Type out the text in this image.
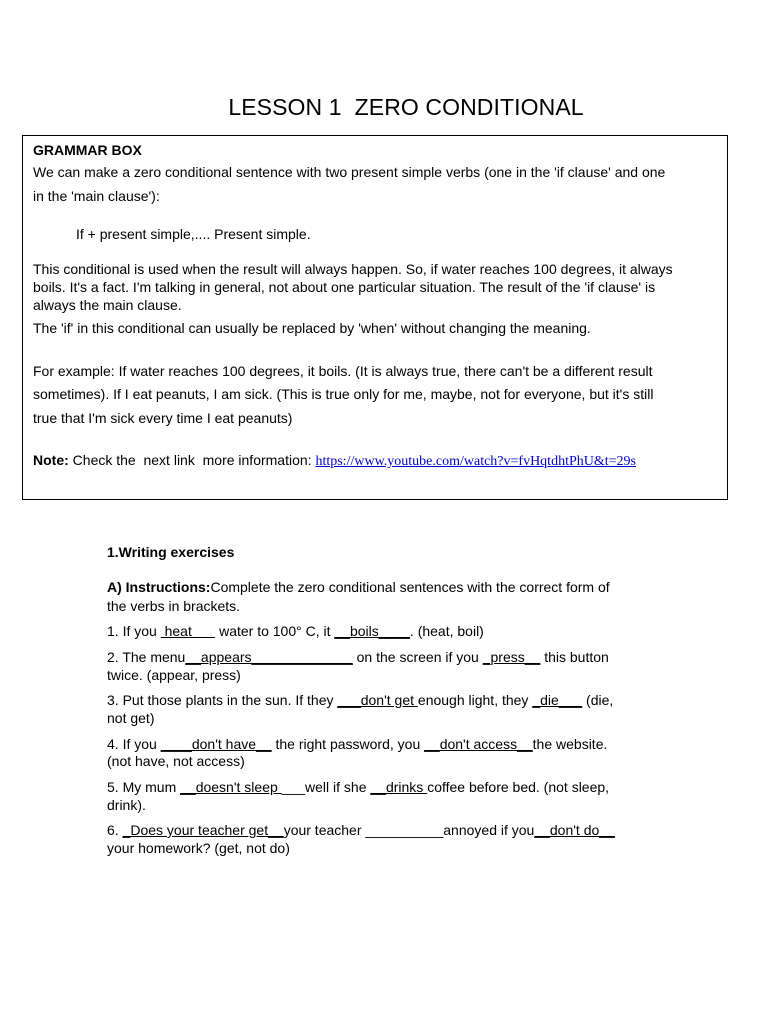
LESSON 1 ZERO CONDITIONAL
GRAMMAR BOX
We can make a zero conditional sentence with two present simple verbs (one in the 'if clause' and one
in the 'main clause'):
If + present simple,.... Present simple.
This conditional is used when the result will always happen. So, if water reaches 100 degrees, it always
boils. It's a fact. I'm talking in general, not about one particular situation. The result of the 'if clause' is
always the main clause.
The 'if' in this conditional can usually be replaced by 'when' without changing the meaning.
For example: If water reaches 100 degrees, it boils. (It is always true, there can't be a different result
sometimes). If I eat peanuts, I am sick. (This is true only for me, maybe, not for everyone, but it's still
true that I'm sick every time I eat peanuts)
Note: Check the  next link  more information: https://www.youtube.com/watch?v=fvHqtdhtPhU&t=29s
1.Writing exercises
A) Instructions:Complete the zero conditional sentences with the correct form of
the verbs in brackets.
1. If you  heat       water to 100° C, it __boils____. (heat, boil)
2. The menu__appears_____________ on the screen if you _press__ this button
twice. (appear, press)
3. Put those plants in the sun. If they ___don't get enough light, they _die___ (die,
not get)
4. If you ____don't have__ the right password, you __don't access__the website.
(not have, not access)
5. My mum __doesn't sleep ___well if she __drinks coffee before bed. (not sleep,
drink).
6. _Does your teacher get__your teacher __________annoyed if you__don't do__
your homework? (get, not do)
